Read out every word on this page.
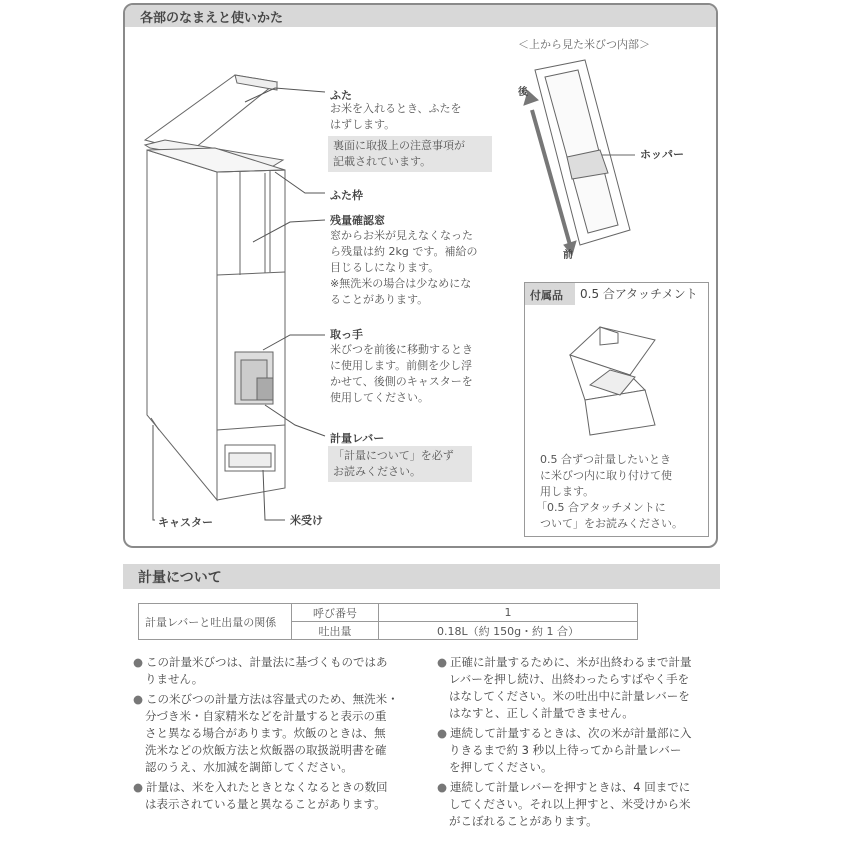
各部のなまえと使いかた
ふた
お米を入れるとき、ふたを
はずします。
裏面に取扱上の注意事項が
記載されています。
ふた枠
残量確認窓
窓からお米が見えなくなった
ら残量は約 2kg です。補給の
目じるしになります。
※無洗米の場合は少なめにな
ることがあります。
取っ手
米びつを前後に移動するとき
に使用します。前側を少し浮
かせて、後側のキャスターを
使用してください。
計量レバー
「計量について」を必ず
お読みください。
キャスター	米受け
＜上から見た米びつ内部＞
後
前
ホッパー
付属品 0.5 合アタッチメント
0.5 合ずつ計量したいとき
に米びつ内に取り付けて使
用します。
「0.5 合アタッチメントに
ついて」をお読みください。
計量について
計量レバーと吐出量の関係	呼び番号	1
	吐出量	0.18L（約 150g・約 1 合）
● この計量米びつは、計量法に基づくものではあ
りません。
● この米びつの計量方法は容量式のため、無洗米・
分づき米・自家精米などを計量すると表示の重
さと異なる場合があります。炊飯のときは、無
洗米などの炊飯方法と炊飯器の取扱説明書を確
認のうえ、水加減を調節してください。
● 計量は、米を入れたときとなくなるときの数回
は表示されている量と異なることがあります。
● 正確に計量するために、米が出終わるまで計量
レバーを押し続け、出終わったらすばやく手を
はなしてください。米の吐出中に計量レバーを
はなすと、正しく計量できません。
● 連続して計量するときは、次の米が計量部に入
りきるまで約 3 秒以上待ってから計量レバー
を押してください。
● 連続して計量レバーを押すときは、4 回までに
してください。それ以上押すと、米受けから米
がこぼれることがあります。
